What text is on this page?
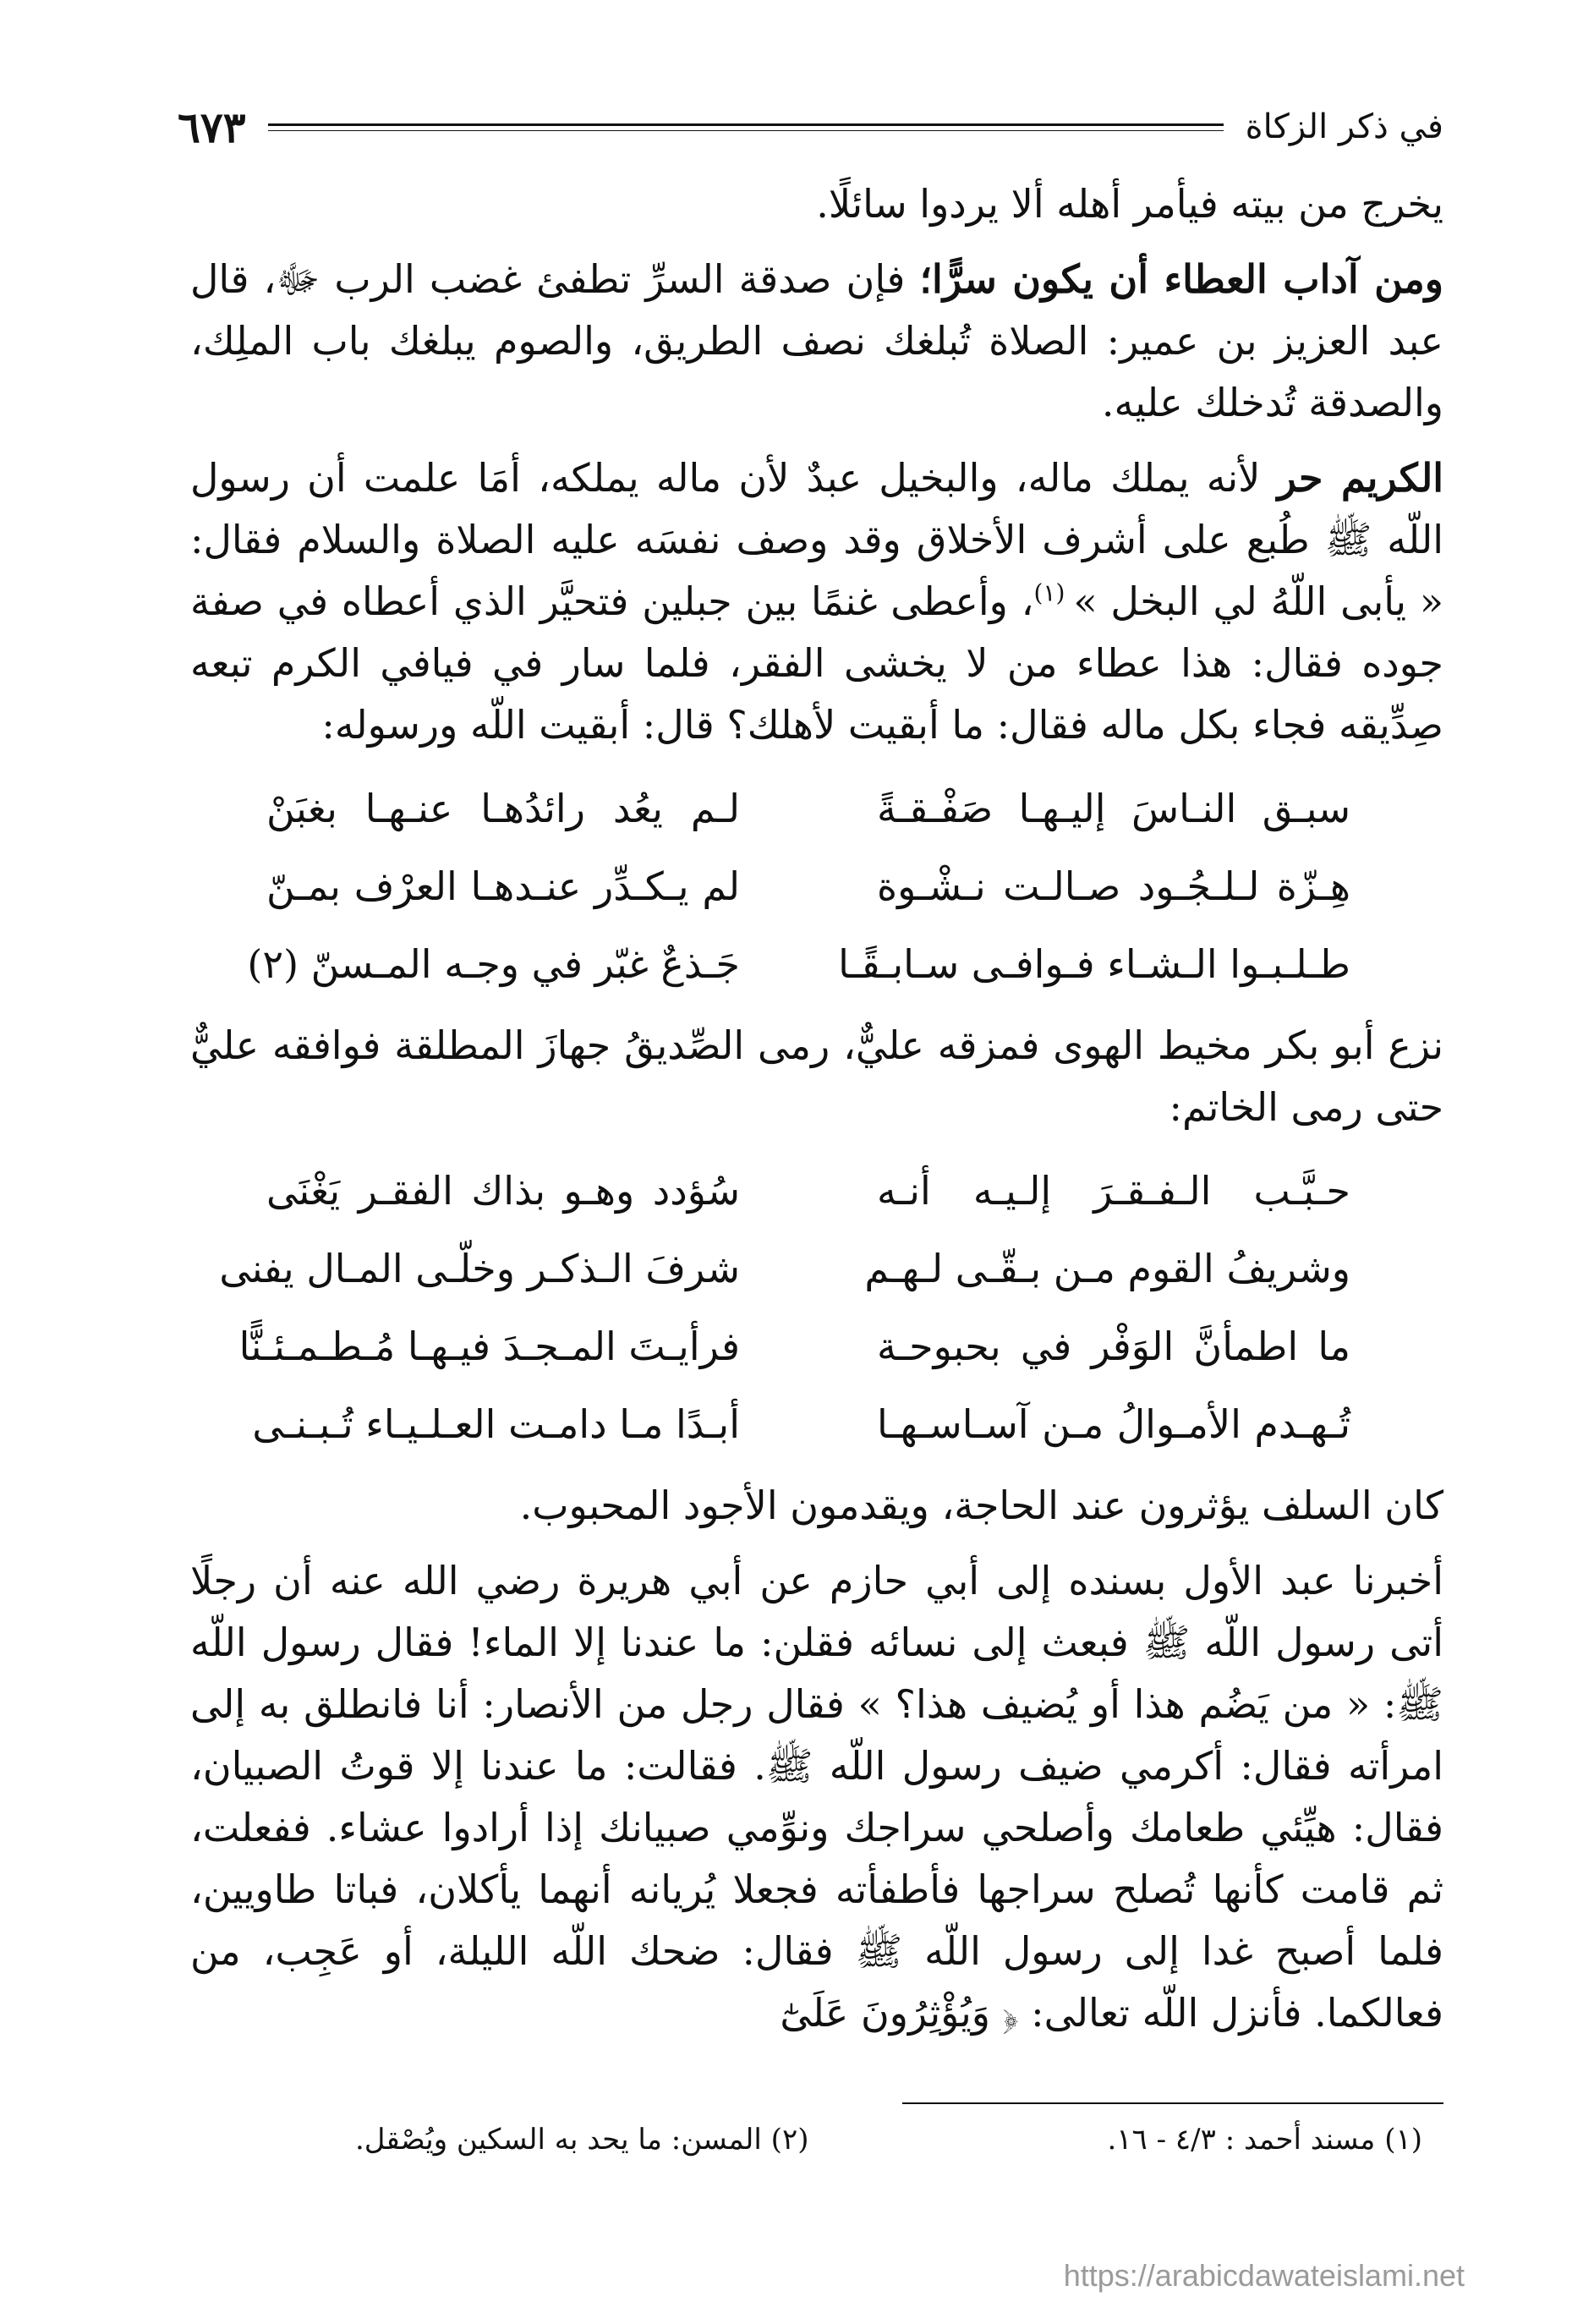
في ذكر الزكاة
٦٧٣

يخرج من بيته فيأمر أهله ألا يردوا سائلًا.

ومن آداب العطاء أن يكون سرًّا؛ فإن صدقة السرِّ تطفئ غضب الرب ﷻ، قال عبد العزيز بن عمير: الصلاة تُبلغك نصف الطريق، والصوم يبلغك باب الملِك، والصدقة تُدخلك عليه.

الكريم حر لأنه يملك ماله، والبخيل عبدٌ لأن ماله يملكه، أمَا علمت أن رسول اللّه ﷺ طُبع على أشرف الأخلاق وقد وصف نفسَه عليه الصلاة والسلام فقال: « يأبى اللّهُ لي البخل » $^{(١)}$، وأعطى غنمًا بين جبلين فتحيَّر الذي أعطاه في صفة جوده فقال: هذا عطاء من لا يخشى الفقر، فلما سار في فيافي الكرم تبعه صِدِّيقه فجاء بكل ماله فقال: ما أبقيت لأهلك؟ قال: أبقيت اللّه ورسوله:

سبـق النـاسَ إليـهـا صَفْـقـةً
لـم يعُد رائدُهـا عنـهـا بغبَنْ
هِـزّة لـلـجُـود صـالـت نـشْـوة
لم يـكـدِّر عنـدهـا العرْف بمـنّ
طـلـبـوا الـشـاء فـوافـى سـابـقًـا
جَـذعٌ غبّر في وجـه المـسنّ (٢)

نزع أبو بكر مخيط الهوى فمزقه عليٌّ، رمى الصِّديقُ جهازَ المطلقة فوافقه عليٌّ حتى رمى الخاتم:

حـبَّـب الـفـقـرَ إلـيـه أنـه
سُؤدد وهـو بذاك الفقـر يَغْنَى
وشريفُ القوم مـن بـقّـى لـهـم
شرفَ الـذكـر وخلّـى المـال يفنى
ما اطمأنَّ الوَفْر في بحبوحـة
فرأيـتَ المـجـدَ فيـهـا مُـطـمـئـنًّا
تُـهـدم الأمـوالُ مـن آسـاسـهـا
أبـدًا مـا دامـت العـلـيـاء تُـبـنـى

كان السلف يؤثرون عند الحاجة، ويقدمون الأجود المحبوب.

أخبرنا عبد الأول بسنده إلى أبي حازم عن أبي هريرة رضي الله عنه أن رجلًا أتى رسول اللّه ﷺ فبعث إلى نسائه فقلن: ما عندنا إلا الماء! فقال رسول اللّه ﷺ: « من يَضُم هذا أو يُضيف هذا؟ » فقال رجل من الأنصار: أنا فانطلق به إلى امرأته فقال: أكرمي ضيف رسول اللّه ﷺ. فقالت: ما عندنا إلا قوتُ الصبيان، فقال: هيِّئي طعامك وأصلحي سراجك ونوِّمي صبيانك إذا أرادوا عشاء. ففعلت، ثم قامت كأنها تُصلح سراجها فأطفأته فجعلا يُريانه أنهما يأكلان، فباتا طاويين، فلما أصبح غدا إلى رسول اللّه ﷺ فقال: ضحك اللّه الليلة، أو عَجِب، من فعالكما. فأنزل اللّه تعالى: ﴿ وَيُؤْثِرُونَ عَلَىٰٓ

(١) مسند أحمد : ٤/٣ - ١٦.
(٢) المسن: ما يحد به السكين ويُصْقل.
https://arabicdawateislami.net
